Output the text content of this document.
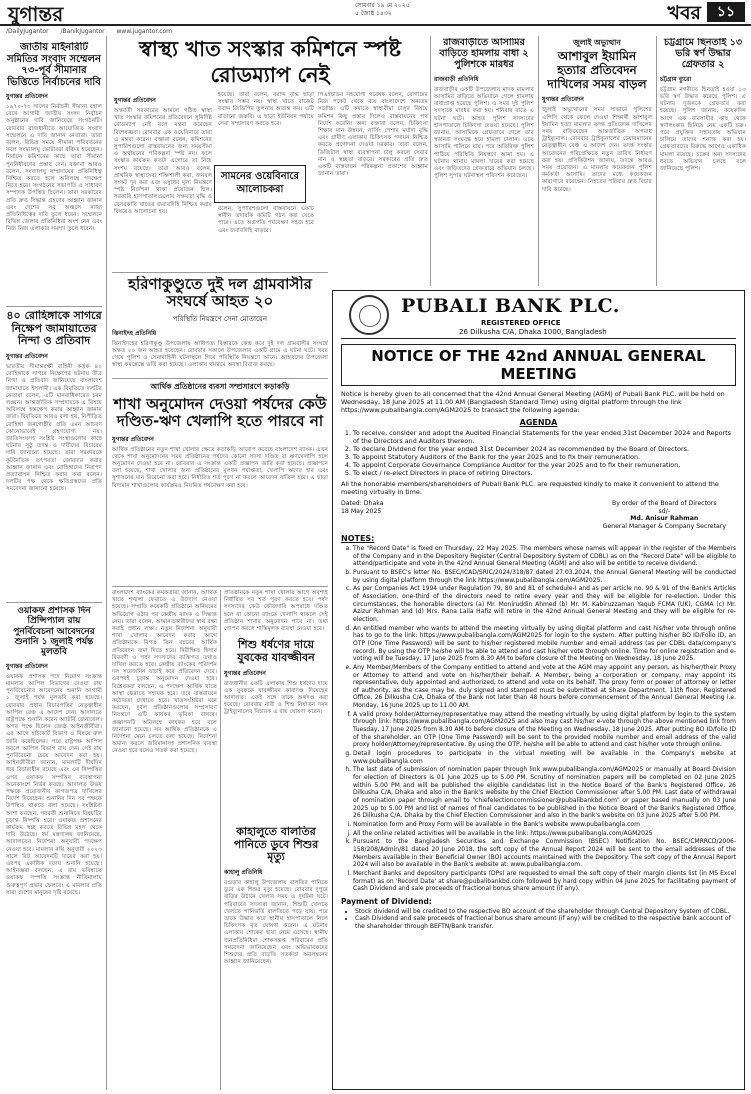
যুগান্তর	সোমবার ১৯ মে ২০২৫
৫ জ্যৈষ্ঠ ১৪৩২	খবর	১১
/DailyJugantor /BanikJugantor www.jugantor.com
জাতীয় মাইনরিটি সমিতির সংবাদ সম্মেলন ৭৩-পূর্ব সীমানার ভিত্তিতে নির্বাচনের দাবি
যুগান্তর প্রতিবেদন
১৯৭০-৭৩ সালের নির্বাচনী সীমানা বহাল রেখে আগামী জাতীয় সংসদ নির্বাচন অনুষ্ঠানের দাবি জানিয়েছে সংগঠনটি। রোববার রাজধানীতে আয়োজিত সংবাদ সম্মেলনে এ দাবি জানান নেতারা। তারা বলেন, বিভিন্ন সময়ে সীমানা পরিবর্তনের ফলে সংখ্যালঘু ভোটাররা বঞ্চিত হয়েছেন। নির্বাচন কমিশনের কাছে তারা সীমানা পুনর্নির্ধারণের প্রস্তাব দেন। বক্তারা আরও বলেন, সংখ্যালঘু সম্প্রদায়ের প্রতিনিধিত্ব নিশ্চিত করতে হলে অবিলম্বে পদক্ষেপ নিতে হবে। সংগঠনের সভাপতি ও সাধারণ সম্পাদক উপস্থিত ছিলেন। তারা সরকারের প্রতি দ্রুত সিদ্ধান্ত গ্রহণের আহ্বান জানান এবং দেশের সব অঞ্চলে ন্যায্য প্রতিনিধিত্বের দাবি তুলে ধরেন। সম্মেলনে বিভিন্ন জেলার প্রতিনিধিরা অংশ নেন এবং নিজ নিজ এলাকার সমস্যা তুলে ধরেন।
৪০ রোহিঙ্গাকে সাগরে নিক্ষেপ জামায়াতের নিন্দা ও প্রতিবাদ
যুগান্তর প্রতিবেদন
ভারতীয় সীমান্তরক্ষী বাহিনী কর্তৃক ৪০ রোহিঙ্গাকে সাগরে নিক্ষেপের ঘটনায় তীব্র নিন্দা ও প্রতিবাদ জানিয়েছে বাংলাদেশ জামায়াতে ইসলামী। এক বিবৃতিতে দলটির নেতারা বলেন, এটি মানবাধিকারের চরম লঙ্ঘন। আন্তর্জাতিক সম্প্রদায়কে এ বিষয়ে অবিলম্বে হস্তক্ষেপ করার আহ্বান জানান তারা। বিবৃতিতে আরও বলা হয়, নিপীড়িত রোহিঙ্গা জনগোষ্ঠীর প্রতি এমন আচরণ কোনোভাবেই গ্রহণযোগ্য নয়। জাতিসংঘসহ সংশ্লিষ্ট সংস্থাগুলোর কাছে ঘটনার সুষ্ঠু তদন্ত ও দায়ীদের বিচারের দাবি জানানো হয়েছে। তারা সরকারকে কূটনৈতিক তৎপরতা জোরদার করার আহ্বান জানান এবং রোহিঙ্গাদের নিরাপদ প্রত্যাবাসন নিশ্চিত করার কথা বলেন। দলটির পক্ষ থেকে ক্ষতিগ্রস্তদের প্রতি সমবেদনা জানানো হয়েছে।
ওয়াকফ প্রশাসক দিন প্রিন্সিপ্যাল রায় পুনর্বিবেচনা আবেদনের শুনানি ১ জুলাই পর্যন্ত মুলতবি
যুগান্তর প্রতিবেদন
ওয়াকফ প্রশাসক পদে নিয়োগ সংক্রান্ত মামলায় আপিল বিভাগের দেওয়া রায় পুনর্বিবেচনার আবেদনের শুনানি আগামী ১ জুলাই পর্যন্ত মুলতবি করা হয়েছে। রোববার প্রধান বিচারপতির নেতৃত্বাধীন আপিল বেঞ্চ এ আদেশ দেন। আদালতে রাষ্ট্রপক্ষে শুনানি করেন অ্যাটর্নি জেনারেল। অপর পক্ষে ছিলেন জ্যেষ্ঠ আইনজীবীরা। এর আগে হাইকোর্ট বিভাগ এ বিষয়ে রুল জারি করেছিলেন। পরে রাষ্ট্রপক্ষ আপিল করলে আপিল বিভাগ রায় দেন। সেই রায় পুনর্বিবেচনা চেয়ে আবেদন করা হয়। আইনজীবীরা জানান, মামলাটি দীর্ঘদিন ধরে বিচারাধীন রয়েছে এবং এর নিষ্পত্তির ওপর ওয়াকফ সম্পত্তির ব্যবস্থাপনা অনেকাংশে নির্ভর করছে। আদালত উভয় পক্ষকে প্রয়োজনীয় কাগজপত্র দাখিলের নির্দেশ দিয়েছেন। শুনানির দিন সব পক্ষকে উপস্থিত থাকতে বলা হয়েছে। সংশ্লিষ্টরা আশা করছেন, পরবর্তী শুনানিতে বিষয়টির চূড়ান্ত নিষ্পত্তি হবে। ওয়াকফ প্রশাসনের কার্যক্রম স্বচ্ছ করতে বিভিন্ন মহল থেকে দাবি উঠেছে। ধর্ম মন্ত্রণালয় জানিয়েছে, আদালতের নির্দেশনা অনুযায়ী পদক্ষেপ নেওয়া হবে। মামলার নথি অনুযায়ী ২০২৩ সালে রিট আবেদনটি দায়ের করা হয়। এরপর একাধিক দফায় শুনানি হয়েছে। আইনজ্ঞরা বলছেন, এ রায় ভবিষ্যতে ওয়াকফ সম্পত্তি সংক্রান্ত নীতিমালায় গুরুত্বপূর্ণ প্রভাব ফেলবে। এ মামলার প্রতি সারা দেশের মানুষের দৃষ্টি রয়েছে।
স্বাস্থ্য খাত সংস্কার কমিশনে স্পষ্ট রোডম্যাপ নেই
যুগান্তর প্রতিবেদন
অন্তর্বর্তী সরকারের আমলে গঠিত স্বাস্থ্য খাত সংস্কার কমিশনের প্রতিবেদনে সুনির্দিষ্ট রোডম্যাপ নেই বলে মন্তব্য করেছেন বিশেষজ্ঞরা। রোববার এক ওয়েবিনারে তারা এ মন্তব্য করেন। বক্তারা বলেন, কমিশনের সুপারিশগুলো বাস্তবায়নের জন্য সময়সীমা ও অর্থায়নের পরিকল্পনা স্পষ্ট নয়। ফলে সংস্কার কার্যক্রম কতটা এগোবে তা নিয়ে সংশয় রয়েছে। তারা আরও বলেন, প্রাথমিক স্বাস্থ্যসেবা শক্তিশালী করা, জনবল সংকট দূর করা এবং ওষুধের মূল্য নিয়ন্ত্রণে স্পষ্ট নির্দেশনা থাকা প্রয়োজন ছিল। সরকারি হাসপাতালগুলোর সক্ষমতা বৃদ্ধি ও বেসরকারি খাতের জবাবদিহি নিশ্চিত করার বিষয়েও আলোচনা হয়।
হয়েছে। তারা বলেন, বরাদ্দ বৃদ্ধি ছাড়া সংস্কার সম্ভব নয়। স্বাস্থ্য খাতে বাজেট বরাদ্দ জিডিপির তুলনায় অত্যন্ত কম। এটি বাড়ানো জরুরি। এ ছাড়া ইউনিয়ন পর্যায়ে সেবা সম্প্রসারণ করতে হবে।
সামনের ওয়েবিনারে আলোচকরা
বলেন, সুপারিশগুলো বাস্তবায়নে একটি স্বাধীন তদারকি কমিটি গঠন করা যেতে পারে। এতে অগ্রগতি পর্যবেক্ষণ সহজ হবে এবং জবাবদিহি বাড়বে।
পিএইচডির সহযোগী গবেষক বলেন, রোগীদের নিজ পকেট থেকে ব্যয় বাংলাদেশে অন্যতম সর্বোচ্চ। এটি কমাতে স্বাস্থ্যবীমা চালুর বিষয়ে কমিশন কিছু প্রস্তাব দিলেও বাস্তবায়নের পথ নির্দেশ করেনি। অন্য বক্তারা বলেন, চিকিৎসা শিক্ষার মান উন্নয়ন, নার্সিং পেশার মর্যাদা বৃদ্ধি এবং গ্রামীণ এলাকায় চিকিৎসক পদায়ন নিশ্চিত করতে প্রণোদনা দেওয়া দরকার। তারা বলেন, ডিজিটাল স্বাস্থ্য ব্যবস্থাপনা চালু করলে সেবার মান ও স্বচ্ছতা বাড়বে। সরকারের প্রতি দ্রুত একটি বাস্তবায়ন পরিকল্পনা প্রকাশের আহ্বান জানান তারা।
হরিণাকুণ্ডুতে দুই দল গ্রামবাসীর সংঘর্ষে আহত ২০
পরিস্থিতি নিয়ন্ত্রণে সেনা মোতায়েন
ঝিনাইদহ প্রতিনিধি
ঝিনাইদহের হরিণাকুণ্ডু উপজেলায় আধিপত্য বিস্তারকে কেন্দ্র করে দুই দল গ্রামবাসীর সংঘর্ষে অন্তত ২০ জন আহত হয়েছেন। রোববার সকালে উপজেলার একটি গ্রামে এ ঘটনা ঘটে। খবর পেয়ে পুলিশ ও সেনাবাহিনী ঘটনাস্থলে গিয়ে পরিস্থিতি নিয়ন্ত্রণে আনে। আহতদের উপজেলা স্বাস্থ্য কমপ্লেক্সে ভর্তি করা হয়েছে। এলাকায় থমথমে অবস্থা বিরাজ করছে।
আর্থিক প্রতিষ্ঠানের ব্যবসা সম্প্রসারণে কড়াকড়ি
শাখা অনুমোদন দেওয়া পর্ষদের কেউ দণ্ডিত-ঋণ খেলাপি হতে পারবে না
যুগান্তর প্রতিবেদন
আর্থিক প্রতিষ্ঠানের নতুন শাখা খোলার ক্ষেত্রে কড়াকড়ি আরোপ করেছে বাংলাদেশ ব্যাংক। এখন থেকে শাখা অনুমোদনের সময় প্রতিষ্ঠানের পর্ষদের কোনো সদস্য দণ্ডিত বা ঋণখেলাপি হলে অনুমোদন দেওয়া হবে না। রোববার এ সংক্রান্ত একটি প্রজ্ঞাপন জারি করা হয়েছে। প্রজ্ঞাপনে বলা হয়েছে, শাখা খোলার জন্য প্রতিষ্ঠানের মূলধন পর্যাপ্ততা, খেলাপি ঋণের হার এবং সুশাসনের মান বিবেচনা করা হবে। নির্ধারিত শর্ত পূরণ না করলে আবেদন বাতিল হবে। এ ছাড়া বিদ্যমান শাখাগুলোর কার্যক্রমও নিয়মিত পর্যবেক্ষণ করা হবে।
বাংলাদেশ ব্যাংকের কর্মকর্তারা জানান, আর্থিক খাতে শৃঙ্খলা ফেরাতে এ উদ্যোগ নেওয়া হয়েছে। সম্প্রতি কয়েকটি প্রতিষ্ঠানে অনিয়মের অভিযোগ ওঠার পর কেন্দ্রীয় ব্যাংক এ সিদ্ধান্ত নেয়। তারা বলেন, আমানতকারীদের স্বার্থ রক্ষা করাই প্রধান লক্ষ্য। নতুন নির্দেশনা অনুযায়ী শাখা খোলার আবেদন করার আগে প্রতিষ্ঠানকে বিগত তিন বছরের আর্থিক প্রতিবেদন জমা দিতে হবে। নিরীক্ষিত হিসাব বিবরণী ও পর্ষদ সদস্যদের ব্যক্তিগত তথ্যও দাখিল করতে হবে। কেন্দ্রীয় ব্যাংকের পরিদর্শন দল সরেজমিন যাচাই করে প্রতিবেদন দেবে। এরপরই চূড়ান্ত অনুমোদন দেওয়া হবে। বিশ্লেষকরা বলছেন, এ পদক্ষেপ আর্থিক খাতে আস্থা ফেরাতে সহায়ক হবে। তবে বাস্তবায়নে কঠোরতা দেখাতে হবে। খাতসংশ্লিষ্টরা মনে করছেন, দুর্বল প্রতিষ্ঠানগুলোর সম্প্রসারণ নিয়ন্ত্রণে এটি কার্যকর ভূমিকা রাখবে। প্রজ্ঞাপনটি অবিলম্বে কার্যকর হবে বলে জানানো হয়েছে। সব আর্থিক প্রতিষ্ঠানকে এ নির্দেশনা মেনে চলতে বলা হয়েছে। নির্দেশনা অমান্য করলে জরিমানাসহ প্রশাসনিক ব্যবস্থা নেওয়া হবে বলেও সতর্ক করা হয়েছে।
প্রতিষ্ঠানকে নতুন শাখা খোলার আগে অবশ্যই নির্ধারিত সব শর্ত পূরণ করতে হবে। পর্ষদ সদস্যদের কেউ ফৌজদারি অপরাধে দণ্ডিত হলে বা কোনো ব্যাংকে খেলাপি থাকলে সেই প্রতিষ্ঠান শাখার অনুমোদন পাবে না। তথ্য গোপন করলে শাস্তিমূলক ব্যবস্থা নেওয়া হবে।
শিশু ধর্ষণের দায়ে যুবকের যাবজ্জীবন
যুগান্তর প্রতিবেদন
রাজধানীর একটি এলাকায় শিশু ধর্ষণের দায়ে এক যুবককে যাবজ্জীবন কারাদণ্ড দিয়েছেন আদালত। একই সঙ্গে তাকে অর্থদণ্ড করা হয়েছে। রোববার নারী ও শিশু নির্যাতন দমন ট্রাইব্যুনালের বিচারক এ রায় ঘোষণা করেন।
কাহালুতে বালতির পানিতে ডুবে শিশুর মৃত্যু
কাহালু প্রতিনিধি
বগুড়ার কাহালু উপজেলায় বালতির পানিতে ডুবে এক শিশুর মৃত্যু হয়েছে। রোববার দুপুরে বাড়ির উঠানে খেলার সময় এ দুর্ঘটনা ঘটে। পরিবারের সদস্যরা জানান, শিশুটি খেলতে খেলতে পানিভর্তি বালতিতে পড়ে যায়। পরে তাকে উদ্ধার করে স্থানীয় হাসপাতালে নিলে চিকিৎসক মৃত ঘোষণা করেন। এ ঘটনায় এলাকায় শোকের ছায়া নেমে এসেছে। স্থানীয় জনপ্রতিনিধিরা শোকসন্তপ্ত পরিবারের প্রতি সমবেদনা জানিয়েছেন এবং অভিভাবকদের শিশুদের প্রতি বাড়তি সতর্কতা অবলম্বনের আহ্বান জানিয়েছেন।
রাজবাড়ীতে আসামির বাড়িতে হামলায় বাধা ২ পুলিশকে মারধর
রাজবাড়ী প্রতিনিধি
রাজবাড়ীর একটি উপজেলায় মাদক মামলার আসামির বাড়িতে অভিযানে গেলে হামলায় বাধাপ্রাপ্ত হয়েছে পুলিশ। এ সময় দুই পুলিশ সদস্যকে মারধর করা হয়। শনিবার রাতে এ ঘটনা ঘটে। আহত পুলিশ সদস্যদের হাসপাতালে চিকিৎসা দেওয়া হয়েছে। পুলিশ জানায়, আসামিকে গ্রেফতারে গেলে তার স্বজনরা সংঘবদ্ধ হয়ে হামলা চালান। এতে আসামি পালিয়ে যায়। পরে অতিরিক্ত পুলিশ পাঠিয়ে পরিস্থিতি নিয়ন্ত্রণে আনা হয়। এ ঘটনায় থানায় মামলা দায়ের করা হয়েছে এবং জড়িতদের গ্রেফতারে অভিযান চলছে। পুলিশ সুপার ঘটনাস্থল পরিদর্শন করেছেন।
জুলাই অভ্যুত্থান
আশাবুল ইয়ামিন হত্যার প্রতিবেদন দাখিলের সময় বাড়ল
যুগান্তর প্রতিবেদন
জুলাই অভ্যুত্থানের সময় সাভারে পুলিশের এপিসি থেকে ফেলে দেওয়া শিক্ষার্থী আশাবুল ইয়ামিন হত্যা মামলার তদন্ত প্রতিবেদন দাখিলের সময় বাড়িয়েছেন আন্তর্জাতিক অপরাধ ট্রাইব্যুনাল। রোববার ট্রাইব্যুনালের চেয়ারম্যানের নেতৃত্বাধীন বেঞ্চ এ আদেশ দেন। তদন্ত সংস্থার আবেদনের পরিপ্রেক্ষিতে নতুন তারিখ নির্ধারণ করা হয়। প্রসিকিউশন জানায়, তদন্তে আরও সময় প্রয়োজন। এ মামলায় কয়েকজন পুলিশ কর্মকর্তা আসামি। তাদের মধ্যে কয়েকজন কারাগারে রয়েছেন। নিহতের পরিবার দ্রুত বিচার দাবি করেছে।
চট্টগ্রামে ছিনতাই ১৩ ভরি স্বর্ণ উদ্ধার গ্রেফতার ২
চট্টগ্রাম ব্যুরো
চট্টগ্রাম নগরীতে ছিনতাই হওয়া ১৩ ভরি স্বর্ণ উদ্ধার করেছে পুলিশ। এ ঘটনায় দুজনকে গ্রেফতার করা হয়েছে। পুলিশ জানায়, কয়েকদিন আগে এক ব্যবসায়ীর কাছ থেকে স্বর্ণালংকার ছিনিয়ে নেয় একটি চক্র। পরে প্রযুক্তির সহায়তায় অভিযান চালিয়ে তাদের শনাক্ত করা হয়। গ্রেফতারদের বিরুদ্ধে আগেও একাধিক মামলা রয়েছে। চক্রের অন্য সদস্যদের ধরতে অভিযান চলছে বলে জানিয়েছে পুলিশ।
PUBALI BANK PLC.
REGISTERED OFFICE
26 Dilkusha C/A, Dhaka 1000, Bangladesh
NOTICE OF THE 42nd ANNUAL GENERAL MEETING
Notice is hereby given to all concerned that the 42nd Annual General Meeting (AGM) of Pubali Bank PLC. will be held on Wednesday, 18 June 2025 at 11.00 AM (Bangladesh Standard Time) using digital platform through the link https://www.pubalibangla.com/AGM2025 to transact the following agenda:
AGENDA
1. To receive, consider and adopt the Audited Financial Statements for the year ended 31st December 2024 and Reports of the Directors and Auditors thereon.
2. To declare Dividend for the year ended 31st December 2024 as recommended by the Board of Directors.
3. To appoint Statutory Auditors of the Bank for the year 2025 and to fix their remuneration.
4. To appoint Corporate Governance Compliance Auditor for the year 2025 and to fix their remuneration.
5. To elect / re-elect Directors in place of retiring Directors.
All the honorable members/shareholders of Pubali Bank PLC. are requested kindly to make it convenient to attend the meeting virtually in time.
Dated: Dhaka
18 May 2025
By order of the Board of Directors
sd/-
Md. Anisur Rahman
General Manager & Company Secretary
NOTES:
a. The "Record Date" is fixed on Thursday, 22 May 2025. The members whose names will appear in the register of the Members of the Company and in the Depository Register (Central Depository System of CDBL) as on the "Record Date" will be eligible to attend/participate and vote in the 42nd Annual General Meeting (AGM) and also will be entitle to receive dividend.
b. Pursuant to BSEC's letter No. BSEC/ICAD/SRIC/2024/318/87 dated 27.03.2024, the Annual General Meeting will be conducted by using digital platform through the link https://www.pubalibangla.com/AGM2025.
c. As per Companies Act 1994 under Regulation 79, 80 and 81 of schedule-I and as per article no. 90 & 91 of the Bank's Articles of Association, one-third of the directors need to retire every year and they will be eligible for re-election. Under this circumstances, the honorable directors (a) Mr. Moniruddin Ahmed (b) Mr. M. Kabiruzzaman Yaqub FCMA (UK), CGMA (c) Mr. Azizur Rahman and (d) Mrs. Rana Laila Hafiz will retire in the 42nd Annual General Meeting and they will be eligible for re-election.
d. An entitled member who wants to attend the meeting virtually by using digital platform and cast his/her vote through online has to go to the link: https://www.pubalibangla.com/AGM2025 for login to the system. After putting his/her BO ID/Folio ID, an OTP (One Time Password) will be sent to his/her registered mobile number and email address (as per CDBL data/company's record). By using the OTP he/she will be able to attend and cast his/her vote through online. Time for online registration and e-voting will be Tuesday, 17 June 2025 from 8.30 AM to before closure of the Meeting on Wednesday, 18 June 2025.
e. Any Member/Members of the Company entitled to attend and vote at the AGM may appoint any person, as his/her/their Proxy or Attorney to attend and vote on his/her/their behalf. A Member, being a corporation or company, may appoint its representative, duly appointed and authorized, to attend and vote on its behalf. The proxy form or power of attorney or letter of authority, as the case may be, duly signed and stamped must be submitted at Share Department, 11th floor, Registered Office, 26 Dilkusha C/A, Dhaka of the Bank not later than 48 hours before commencement of the Annual General Meeting i.e. Monday, 16 June 2025 up to 11.00 AM.
f. A valid proxy holder/Attorney/representative may attend the meeting virtually by using digital platform by login to the system through link: https://www.pubalibangla.com/AGM2025 and also may cast his/her e-vote through the above mentioned link from Tuesday, 17 June 2025 from 8.30 AM to before closure of the Meeting on Wednesday, 18 June 2025. After putting BO ID/folio ID of the shareholder, an OTP (One Time Password) will be sent to the provided mobile number and email address of the valid proxy holder/Attorney/representative. By using the OTP, he/she will be able to attend and cast his/her vote through online.
g. Detail login procedures to participate in the virtual meeting will be available in the Company's website at www.pubalibangla.com
h. The last date of submission of nomination paper through link www.pubalibangla.com/AGM2025 or manually at Board Division for election of Directors is 01 June 2025 up to 5.00 PM. Scrutiny of nomination papers will be completed on 02 June 2025 within 5.00 PM and will be published the eligible candidates list in the Notice Board of the Bank's Registered Office, 26 Dilkusha C/A, Dhaka and also in the Bank's website by the Chief Election Commissioner after 5.00 PM. Last date of withdrawal of nomination paper through email to "chiefelectioncommissioner@pubalibankbd.com" or paper based manually on 03 June 2025 up to 5.00 PM and list of names of final candidates to be published in the Notice Board of the Bank's Registered Office, 26 Dilkusha C/A, Dhaka by the Chief Election Commissioner and also in the bank's website on 03 June 2025 after 5.00 PM.
i. Nomination form and Proxy Form will be available in the Bank's website www.pubalibangla.com
j. All the online related activities will be available in the link: https://www.pubalibangla.com/AGM2025
k. Pursuant to the Bangladesh Securities and Exchange Commission (BSEC) Notification No. BSEC/CMRRCD/2006-158/208/Admin/81 dated 20 June 2018, the soft copy of the Annual Report 2024 will be sent to the email addresses of the Members available in their Beneficial Owner (BO) accounts maintained with the Depository. The soft copy of the Annual Report 2024 will also be available in the Bank's website at: www.pubalibangla.com.
l. Merchant Banks and depository participants (DPs) are requested to email the soft copy of their margin clients list (in MS Excel format) as on 'Record Date' at share@pubalibankbd.com followed by hard copy within 04 June 2025 for facilitating payment of Cash Dividend and sale proceeds of fractional bonus share amount (if any).
Payment of Dividend:
• Stock dividend will be credited to the respective BO account of the shareholder through Central Depository System of CDBL.
• Cash Dividend and sale proceeds of fractional bonus share amount (if any) will be credited to the respective bank account of the shareholder through BEFTN/Bank transfer.
